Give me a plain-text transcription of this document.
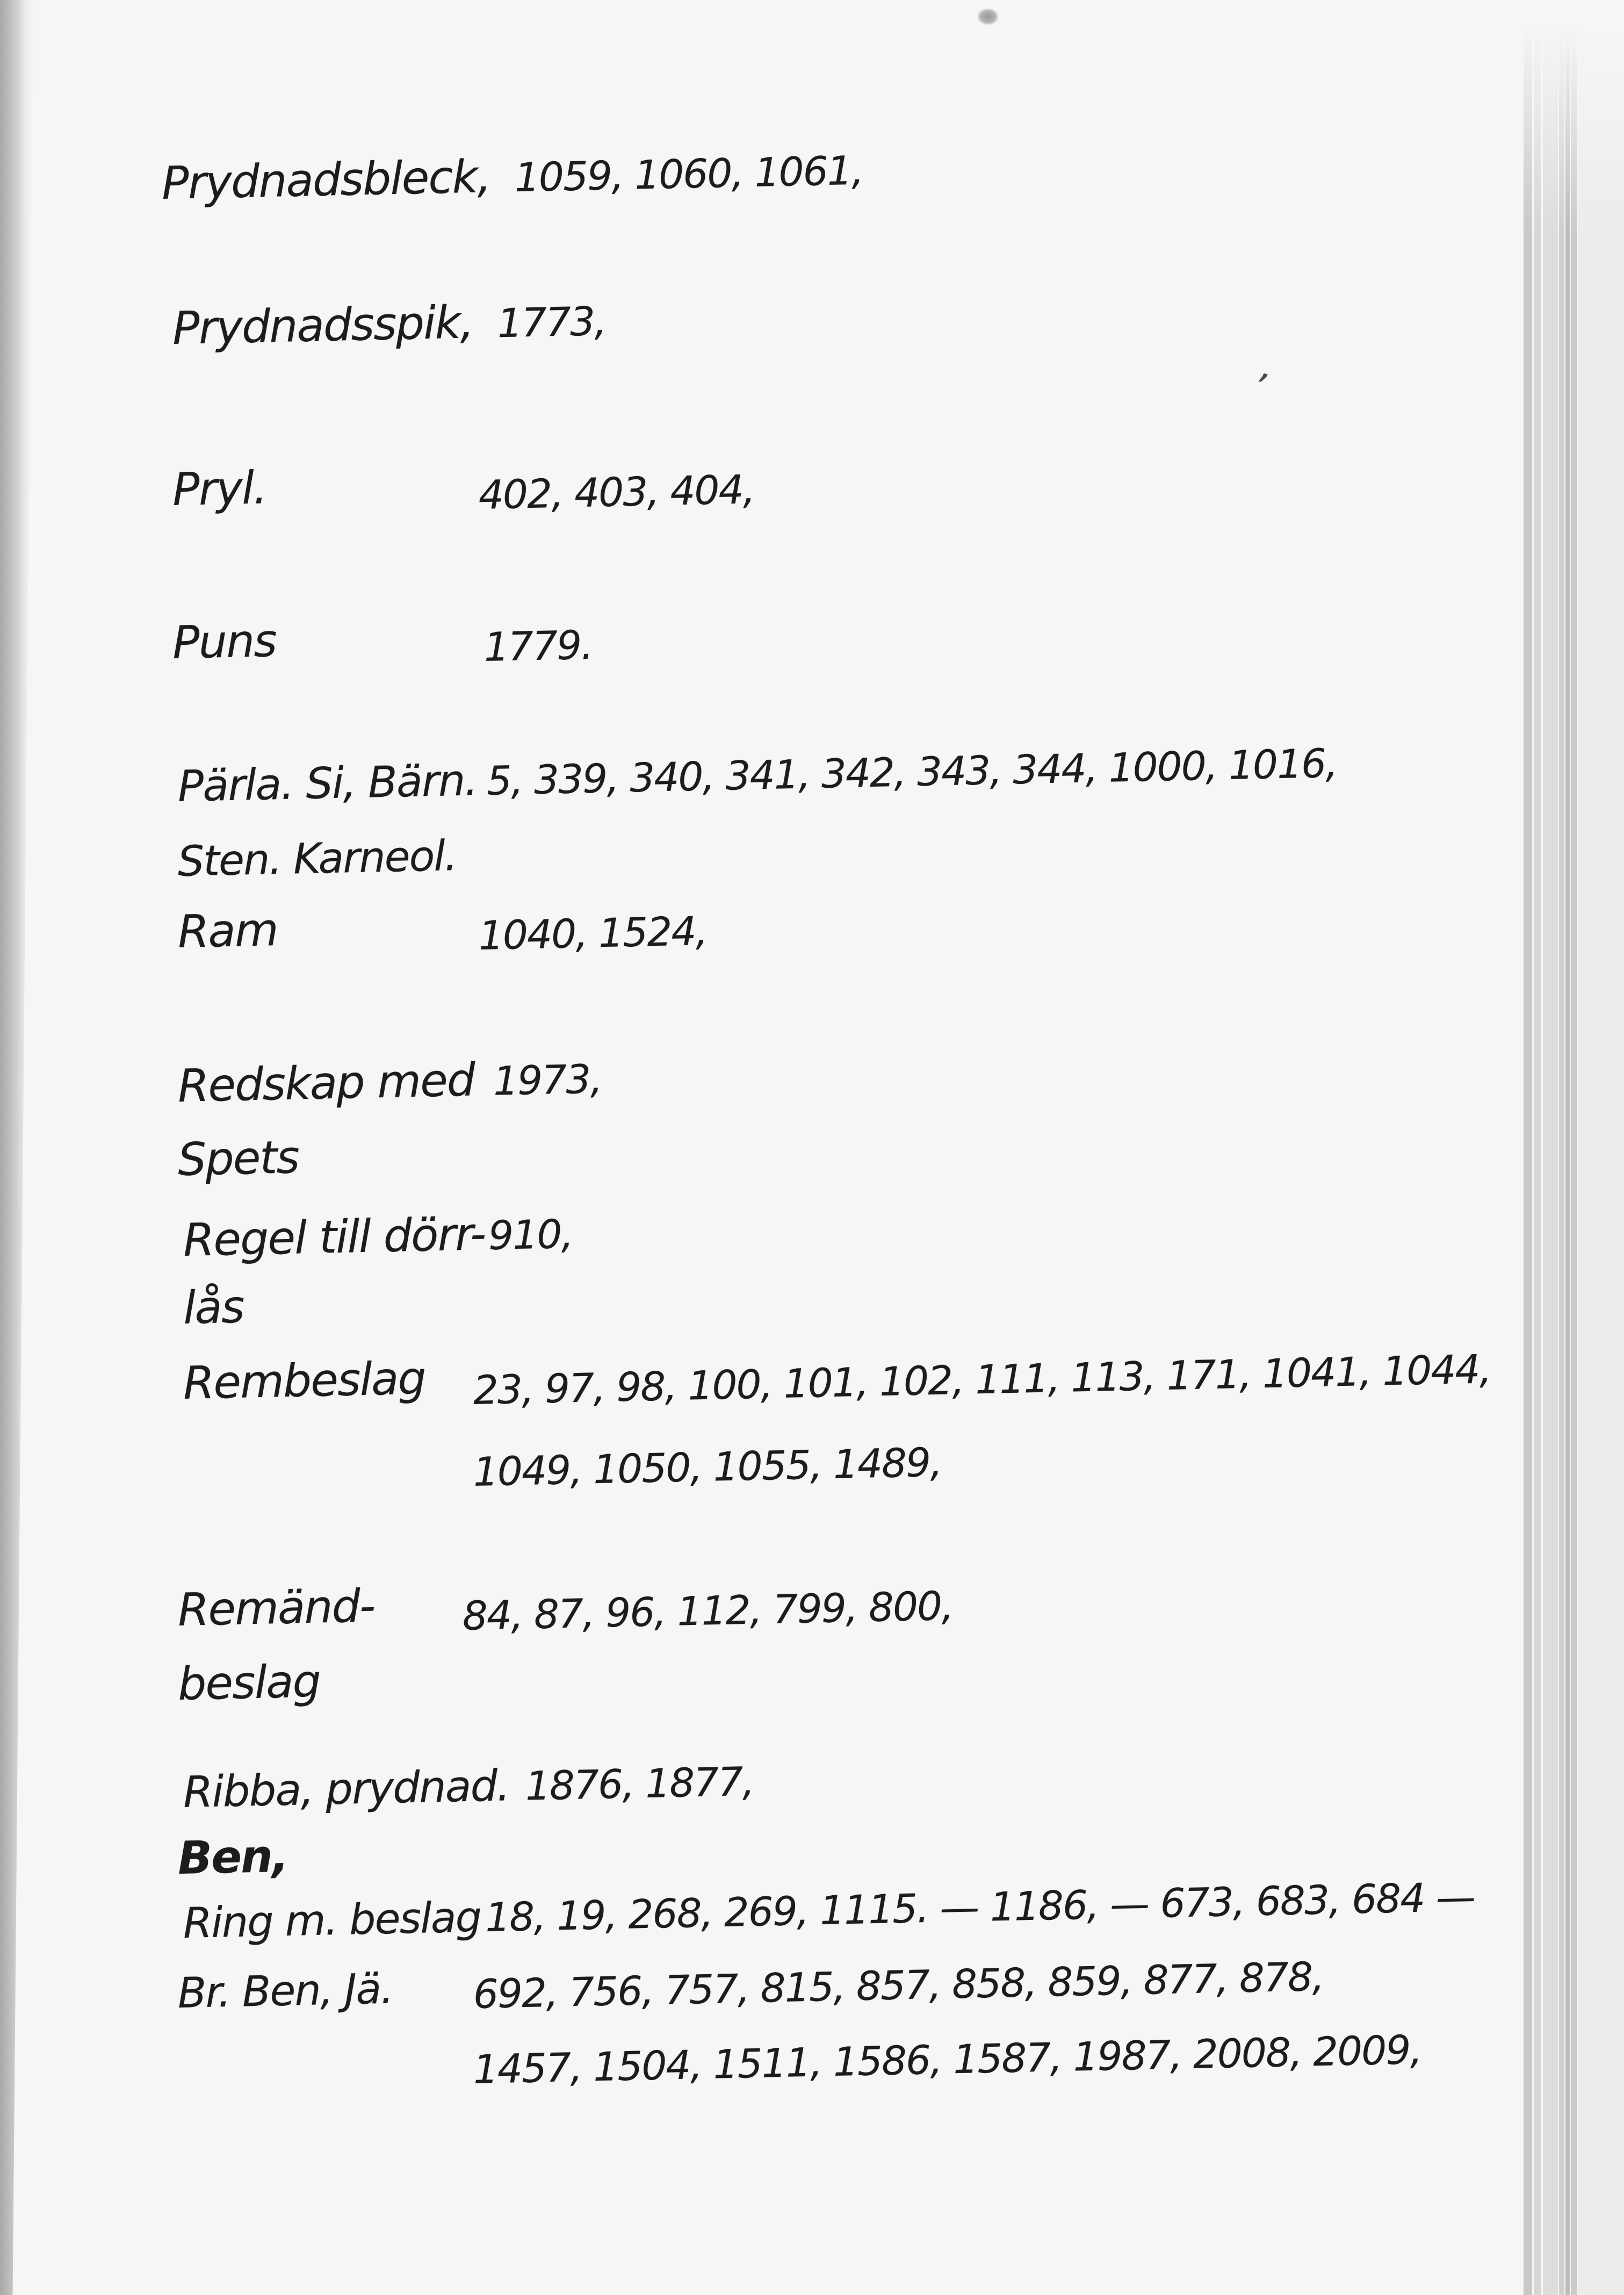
,
Prydnadsbleck, 1059, 1060, 1061,
Prydnadsspik, 1773,
Pryl.	402, 403, 404,
Puns	1779.
Pärla. Si, Bärn. 5, 339, 340, 341, 342, 343, 344, 1000, 1016,
Sten. Karneol.
Ram	1040, 1524,
Redskap med 1973,
Spets
Regel till dörr- 910,
lås
Rembeslag 23, 97, 98, 100, 101, 102, 111, 113, 171, 1041, 1044,
1049, 1050, 1055, 1489,
Remänd- 84, 87, 96, 112, 799, 800,
beslag
Ribba, prydnad. 1876, 1877,
Ben,
Ring m. beslag 18, 19, 268, 269, 1115. — 1186, — 673, 683, 684 —
Br. Ben, Jä. 692, 756, 757, 815, 857, 858, 859, 877, 878,
1457, 1504, 1511, 1586, 1587, 1987, 2008, 2009,
